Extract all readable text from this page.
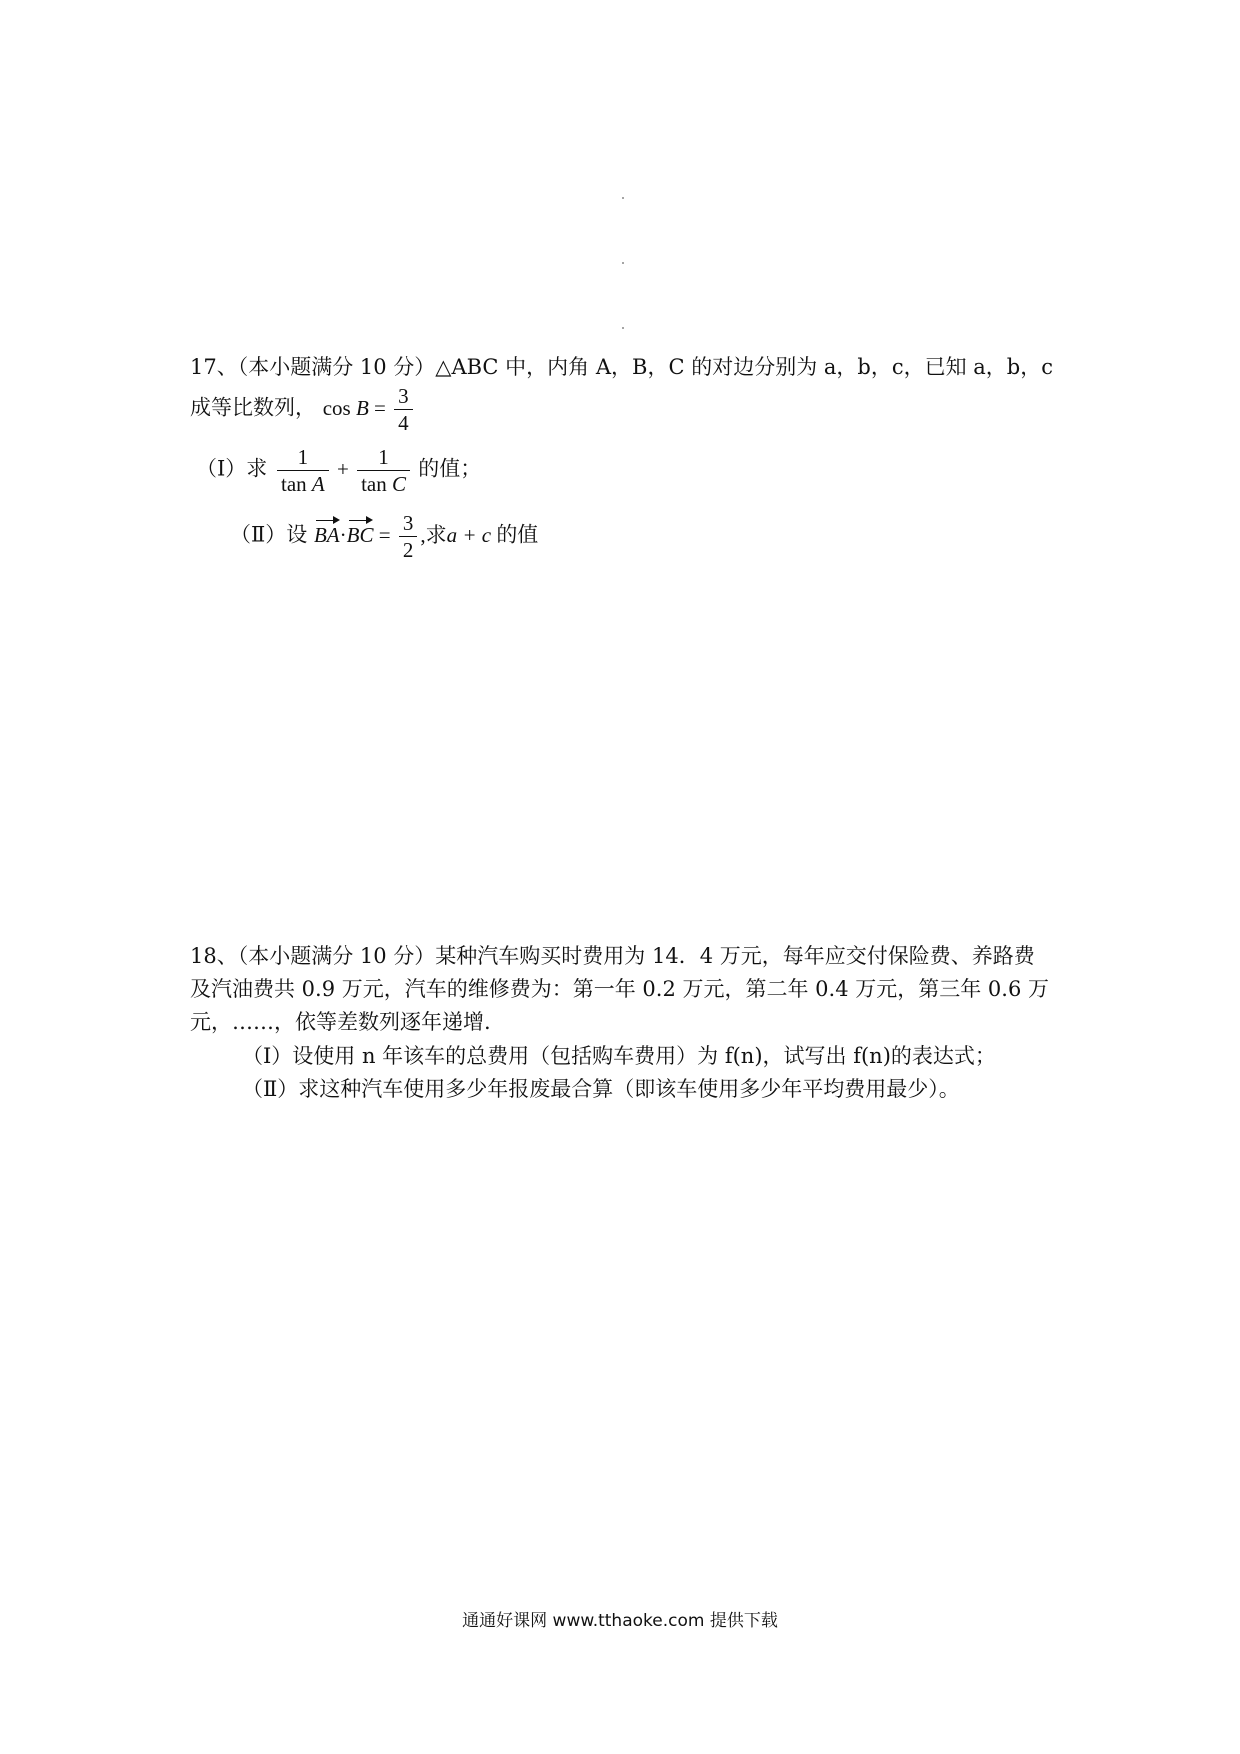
17、（本小题满分 10 分）△ABC 中，内角 A，B，C 的对边分别为 a，b，c，已知 a，b，c
成等比数列， $\cos B = \frac{3}{4}$
（Ⅰ）求 $\frac{1}{\text{tan A}} + \frac{1}{\text{tan C}}$ 的值；
（Ⅱ）设 $BA\cdot BC = \frac{3}{2}$ ,求a + c 的值
18、（本小题满分 10 分）某种汽车购买时费用为 14．4 万元，每年应交付保险费、养路费
及汽油费共 0.9 万元，汽车的维修费为：第一年 0.2 万元，第二年 0.4 万元，第三年 0.6 万
元，……，依等差数列逐年递增.
（Ⅰ）设使用 n 年该车的总费用（包括购车费用）为 f(n)，试写出 f(n)的表达式；
（Ⅱ）求这种汽车使用多少年报废最合算（即该车使用多少年平均费用最少）。
通通好课网 www.tthaoke.com 提供下载
